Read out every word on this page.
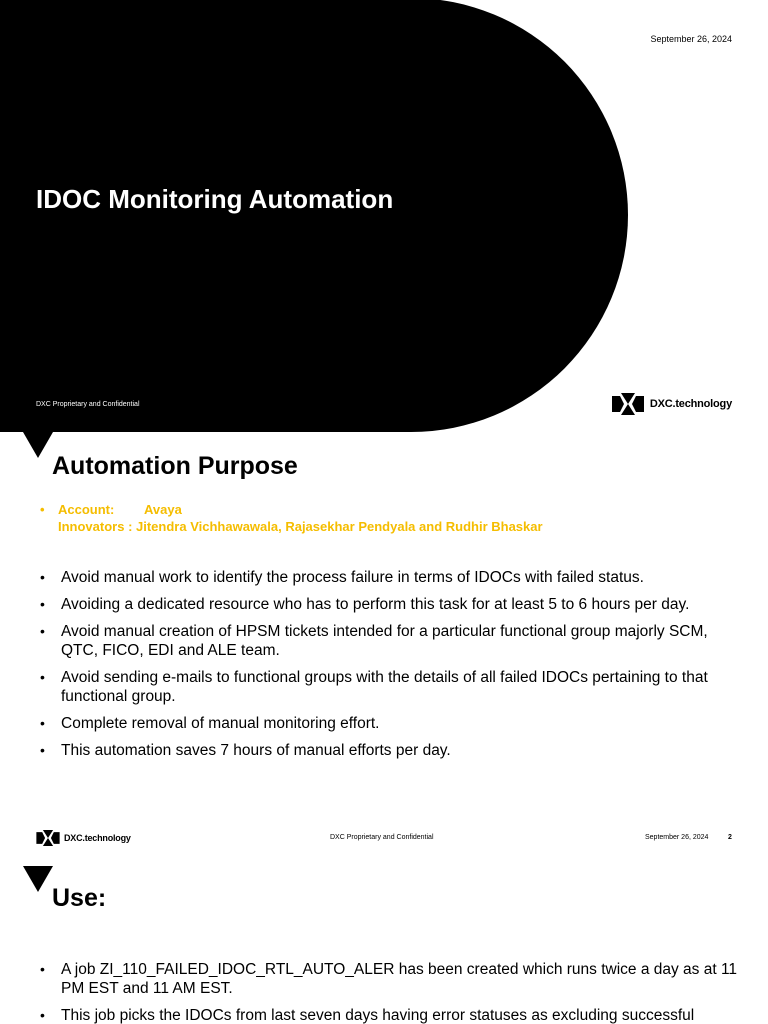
September 26, 2024
IDOC Monitoring Automation
DXC Proprietary and Confidential	DXC.technology
Automation Purpose
• Account: Avaya
Innovators : Jitendra Vichhawawala, Rajasekhar Pendyala and Rudhir Bhaskar
• Avoid manual work to identify the process failure in terms of IDOCs with failed status.
• Avoiding a dedicated resource who has to perform this task for at least 5 to 6 hours per day.
• Avoid manual creation of HPSM tickets intended for a particular functional group majorly SCM, QTC, FICO, EDI and ALE team.
• Avoid sending e-mails to functional groups with the details of all failed IDOCs pertaining to that functional group.
• Complete removal of manual monitoring effort.
• This automation saves 7 hours of manual efforts per day.
DXC.technology	DXC Proprietary and Confidential	September 26, 2024	2
Use:
• A job ZI_110_FAILED_IDOC_RTL_AUTO_ALER has been created which runs twice a day as at 11 PM EST and 11 AM EST.
• This job picks the IDOCs from last seven days having error statuses as excluding successful
